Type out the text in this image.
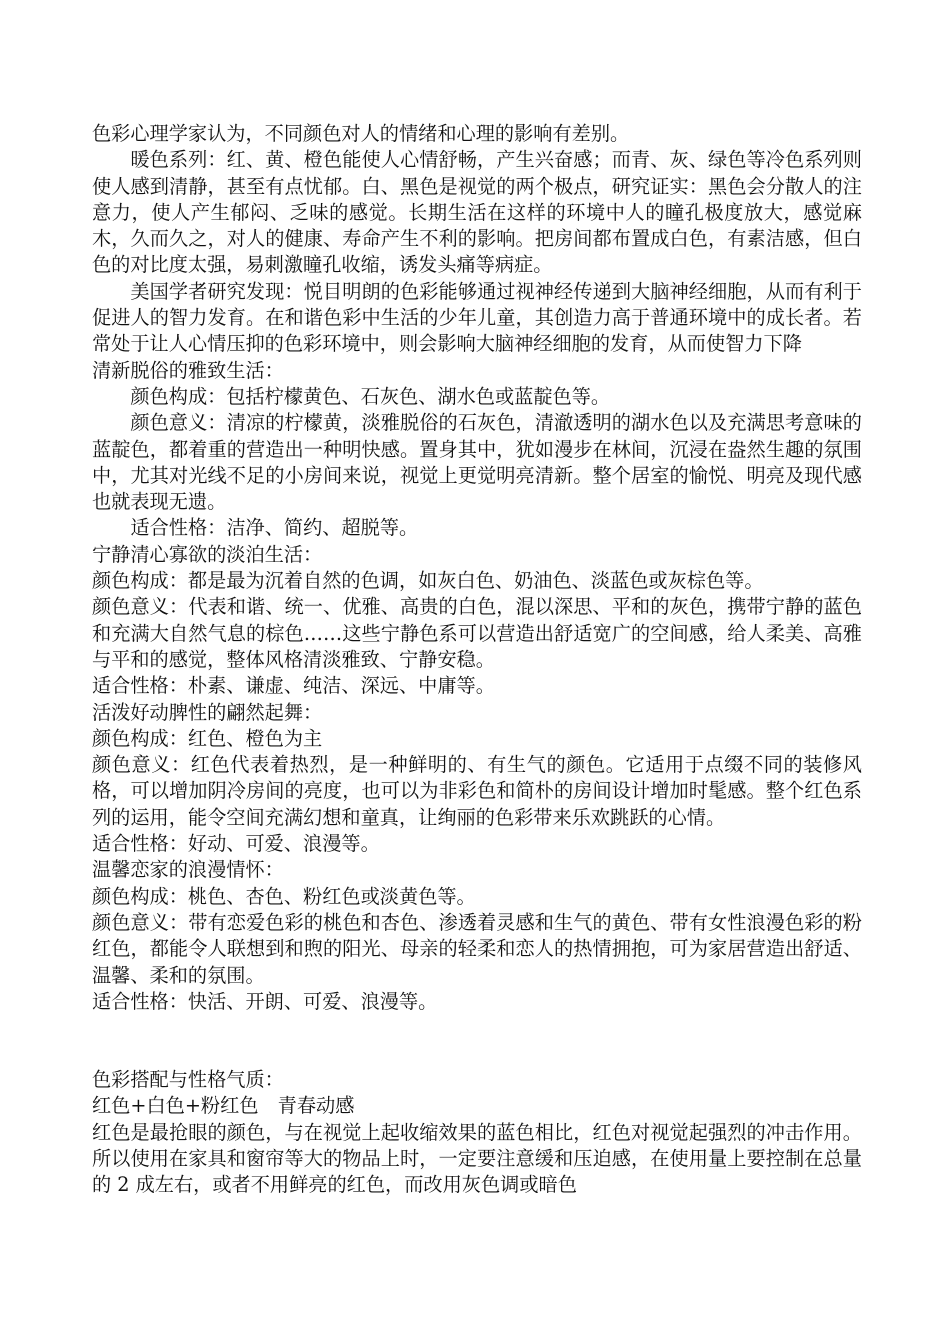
色彩心理学家认为，不同颜色对人的情绪和心理的影响有差别。

暖色系列：红、黄、橙色能使人心情舒畅，产生兴奋感；而青、灰、绿色等冷色系列则使人感到清静，甚至有点忧郁。白、黑色是视觉的两个极点，研究证实：黑色会分散人的注意力，使人产生郁闷、乏味的感觉。长期生活在这样的环境中人的瞳孔极度放大，感觉麻木，久而久之，对人的健康、寿命产生不利的影响。把房间都布置成白色，有素洁感，但白色的对比度太强，易刺激瞳孔收缩，诱发头痛等病症。

美国学者研究发现：悦目明朗的色彩能够通过视神经传递到大脑神经细胞，从而有利于促进人的智力发育。在和谐色彩中生活的少年儿童，其创造力高于普通环境中的成长者。若常处于让人心情压抑的色彩环境中，则会影响大脑神经细胞的发育，从而使智力下降

清新脱俗的雅致生活：

颜色构成：包括柠檬黄色、石灰色、湖水色或蓝靛色等。

颜色意义：清凉的柠檬黄，淡雅脱俗的石灰色，清澈透明的湖水色以及充满思考意味的蓝靛色，都着重的营造出一种明快感。置身其中，犹如漫步在林间，沉浸在盎然生趣的氛围中，尤其对光线不足的小房间来说，视觉上更觉明亮清新。整个居室的愉悦、明亮及现代感也就表现无遗。

适合性格：洁净、简约、超脱等。

宁静清心寡欲的淡泊生活：

颜色构成：都是最为沉着自然的色调，如灰白色、奶油色、淡蓝色或灰棕色等。

颜色意义：代表和谐、统一、优雅、高贵的白色，混以深思、平和的灰色，携带宁静的蓝色和充满大自然气息的棕色……这些宁静色系可以营造出舒适宽广的空间感，给人柔美、高雅与平和的感觉，整体风格清淡雅致、宁静安稳。

适合性格：朴素、谦虚、纯洁、深远、中庸等。

活泼好动脾性的翩然起舞：

颜色构成：红色、橙色为主

颜色意义：红色代表着热烈，是一种鲜明的、有生气的颜色。它适用于点缀不同的装修风格，可以增加阴冷房间的亮度，也可以为非彩色和简朴的房间设计增加时髦感。整个红色系列的运用，能令空间充满幻想和童真，让绚丽的色彩带来乐欢跳跃的心情。

适合性格：好动、可爱、浪漫等。

温馨恋家的浪漫情怀：

颜色构成：桃色、杏色、粉红色或淡黄色等。

颜色意义：带有恋爱色彩的桃色和杏色、渗透着灵感和生气的黄色、带有女性浪漫色彩的粉红色，都能令人联想到和煦的阳光、母亲的轻柔和恋人的热情拥抱，可为家居营造出舒适、温馨、柔和的氛围。

适合性格：快活、开朗、可爱、浪漫等。

色彩搭配与性格气质：

红色+白色+粉红色　青春动感

红色是最抢眼的颜色，与在视觉上起收缩效果的蓝色相比，红色对视觉起强烈的冲击作用。所以使用在家具和窗帘等大的物品上时，一定要注意缓和压迫感，在使用量上要控制在总量的 2 成左右，或者不用鲜亮的红色，而改用灰色调或暗色
